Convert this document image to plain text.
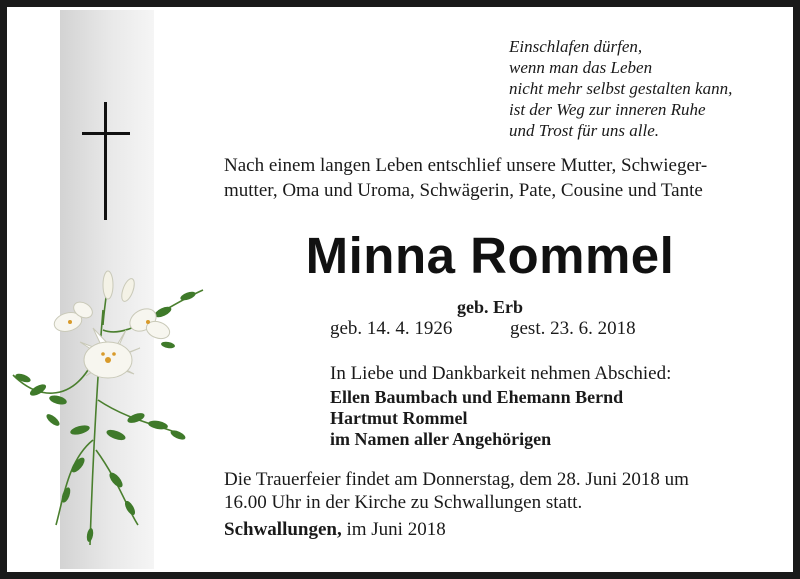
Einschlafen dürfen,
wenn man das Leben
nicht mehr selbst gestalten kann,
ist der Weg zur inneren Ruhe
und Trost für uns alle.
Nach einem langen Leben entschlief unsere Mutter, Schwieger-
mutter, Oma und Uroma, Schwägerin, Pate, Cousine und Tante
Minna Rommel
geb. Erb
geb. 14. 4. 1926	gest. 23. 6. 2018
In Liebe und Dankbarkeit nehmen Abschied:
Ellen Baumbach und Ehemann Bernd
Hartmut Rommel
im Namen aller Angehörigen
Die Trauerfeier findet am Donnerstag, dem 28. Juni 2018 um
16.00 Uhr in der Kirche zu Schwallungen statt.
Schwallungen, im Juni 2018
